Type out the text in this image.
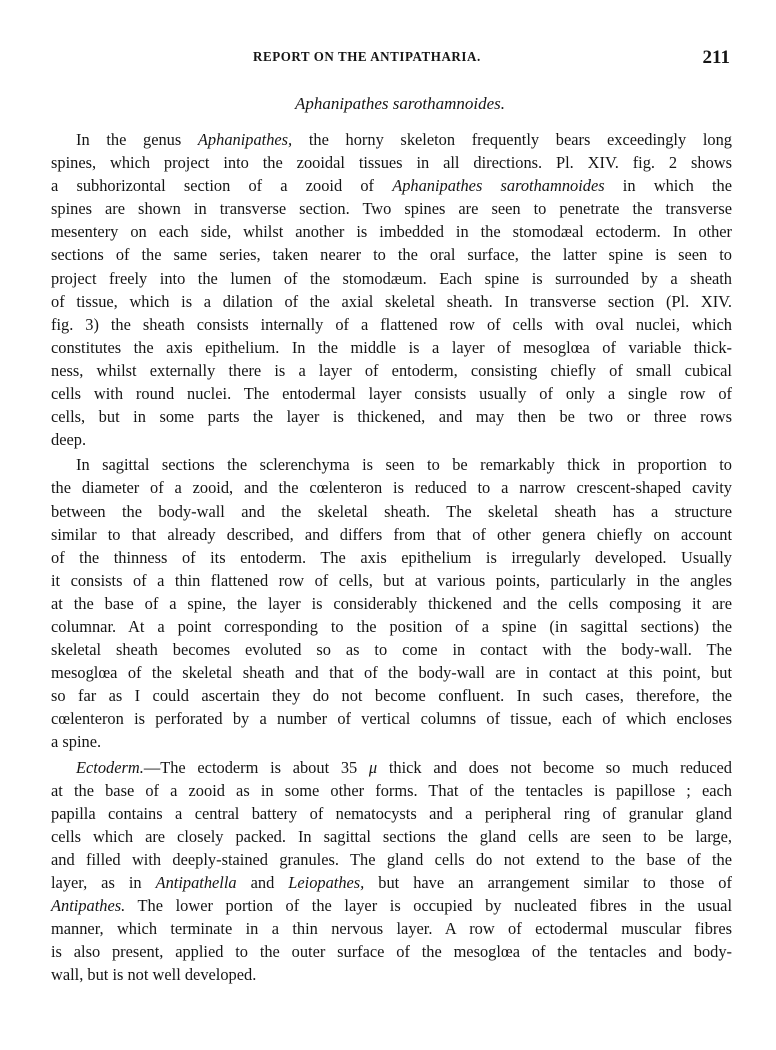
REPORT ON THE ANTIPATHARIA.	211
Aphanipathes sarothamnoides.
In the genus Aphanipathes, the horny skeleton frequently bears exceedingly long
spines, which project into the zooidal tissues in all directions. Pl. XIV. fig. 2 shows
a subhorizontal section of a zooid of Aphanipathes sarothamnoides in which the
spines are shown in transverse section. Two spines are seen to penetrate the transverse
mesentery on each side, whilst another is imbedded in the stomodæal ectoderm. In other
sections of the same series, taken nearer to the oral surface, the latter spine is seen to
project freely into the lumen of the stomodæum. Each spine is surrounded by a sheath
of tissue, which is a dilation of the axial skeletal sheath. In transverse section (Pl. XIV.
fig. 3) the sheath consists internally of a flattened row of cells with oval nuclei, which
constitutes the axis epithelium. In the middle is a layer of mesoglœa of variable thick-
ness, whilst externally there is a layer of entoderm, consisting chiefly of small cubical
cells with round nuclei. The entodermal layer consists usually of only a single row of
cells, but in some parts the layer is thickened, and may then be two or three rows
deep.
In sagittal sections the sclerenchyma is seen to be remarkably thick in proportion to
the diameter of a zooid, and the cœlenteron is reduced to a narrow crescent-shaped cavity
between the body-wall and the skeletal sheath. The skeletal sheath has a structure
similar to that already described, and differs from that of other genera chiefly on account
of the thinness of its entoderm. The axis epithelium is irregularly developed. Usually
it consists of a thin flattened row of cells, but at various points, particularly in the angles
at the base of a spine, the layer is considerably thickened and the cells composing it are
columnar. At a point corresponding to the position of a spine (in sagittal sections) the
skeletal sheath becomes evoluted so as to come in contact with the body-wall. The
mesoglœa of the skeletal sheath and that of the body-wall are in contact at this point, but
so far as I could ascertain they do not become confluent. In such cases, therefore, the
cœlenteron is perforated by a number of vertical columns of tissue, each of which encloses
a spine.
Ectoderm.—The ectoderm is about 35 μ thick and does not become so much reduced
at the base of a zooid as in some other forms. That of the tentacles is papillose ; each
papilla contains a central battery of nematocysts and a peripheral ring of granular gland
cells which are closely packed. In sagittal sections the gland cells are seen to be large,
and filled with deeply-stained granules. The gland cells do not extend to the base of the
layer, as in Antipathella and Leiopathes, but have an arrangement similar to those of
Antipathes. The lower portion of the layer is occupied by nucleated fibres in the usual
manner, which terminate in a thin nervous layer. A row of ectodermal muscular fibres
is also present, applied to the outer surface of the mesoglœa of the tentacles and body-
wall, but is not well developed.
